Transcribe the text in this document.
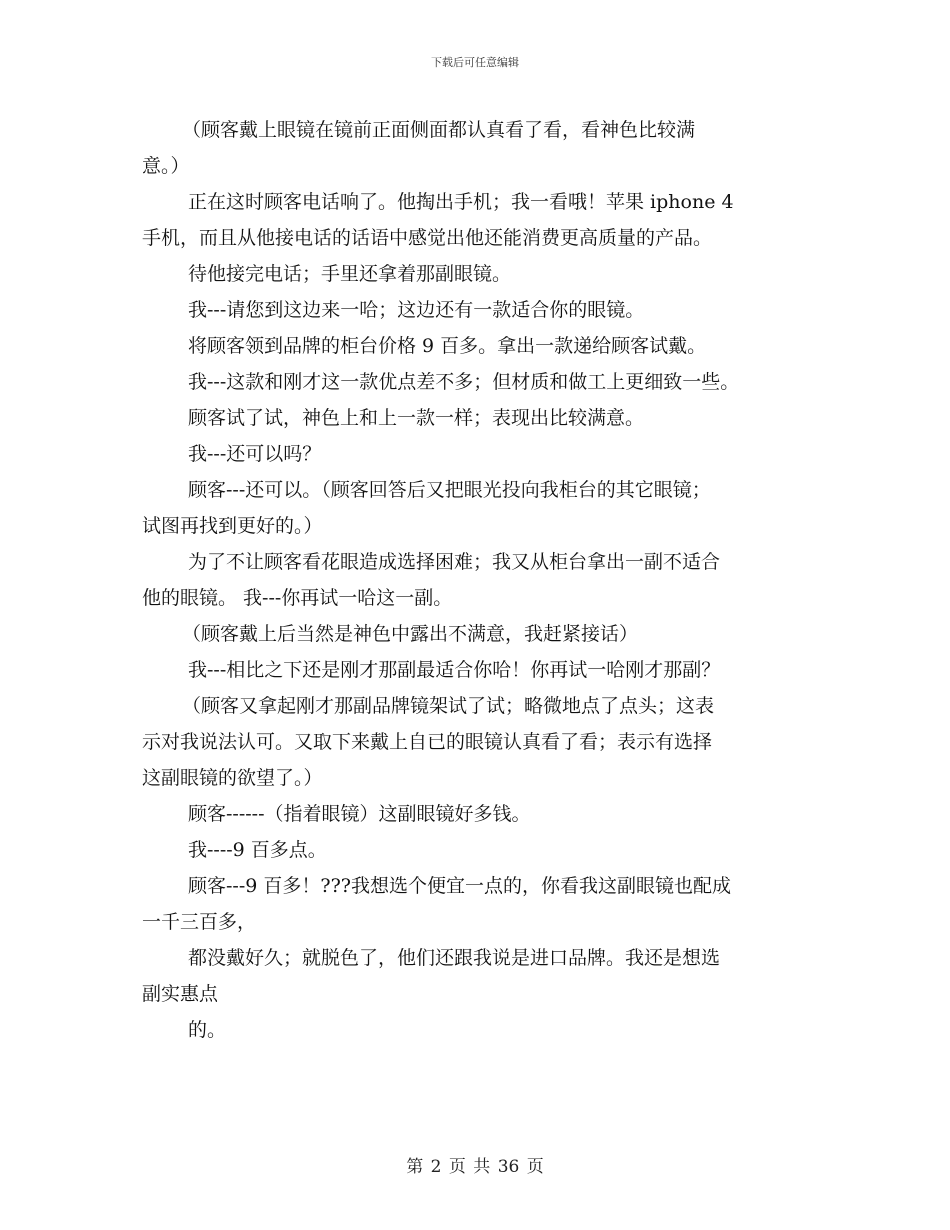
下载后可任意编辑
（顾客戴上眼镜在镜前正面侧面都认真看了看，看神色比较满
意。）
正在这时顾客电话响了。他掏出手机；我一看哦！苹果 iphone 4
手机，而且从他接电话的话语中感觉出他还能消费更高质量的产品。
待他接完电话；手里还拿着那副眼镜。
我---请您到这边来一哈；这边还有一款适合你的眼镜。
将顾客领到品牌的柜台价格 9 百多。拿出一款递给顾客试戴。
我---这款和刚才这一款优点差不多；但材质和做工上更细致一些。
顾客试了试，神色上和上一款一样；表现出比较满意。
我---还可以吗？
顾客---还可以。（顾客回答后又把眼光投向我柜台的其它眼镜；
试图再找到更好的。）
为了不让顾客看花眼造成选择困难；我又从柜台拿出一副不适合
他的眼镜。 我---你再试一哈这一副。
（顾客戴上后当然是神色中露出不满意，我赶紧接话）
我---相比之下还是刚才那副最适合你哈！你再试一哈刚才那副？
（顾客又拿起刚才那副品牌镜架试了试；略微地点了点头；这表
示对我说法认可。又取下来戴上自已的眼镜认真看了看；表示有选择
这副眼镜的欲望了。）
顾客------（指着眼镜）这副眼镜好多钱。
我----9 百多点。
顾客---9 百多！???我想选个便宜一点的，你看我这副眼镜也配成
一千三百多，
都没戴好久；就脱色了，他们还跟我说是进口品牌。我还是想选
副实惠点
的。
第 2 页 共 36 页
